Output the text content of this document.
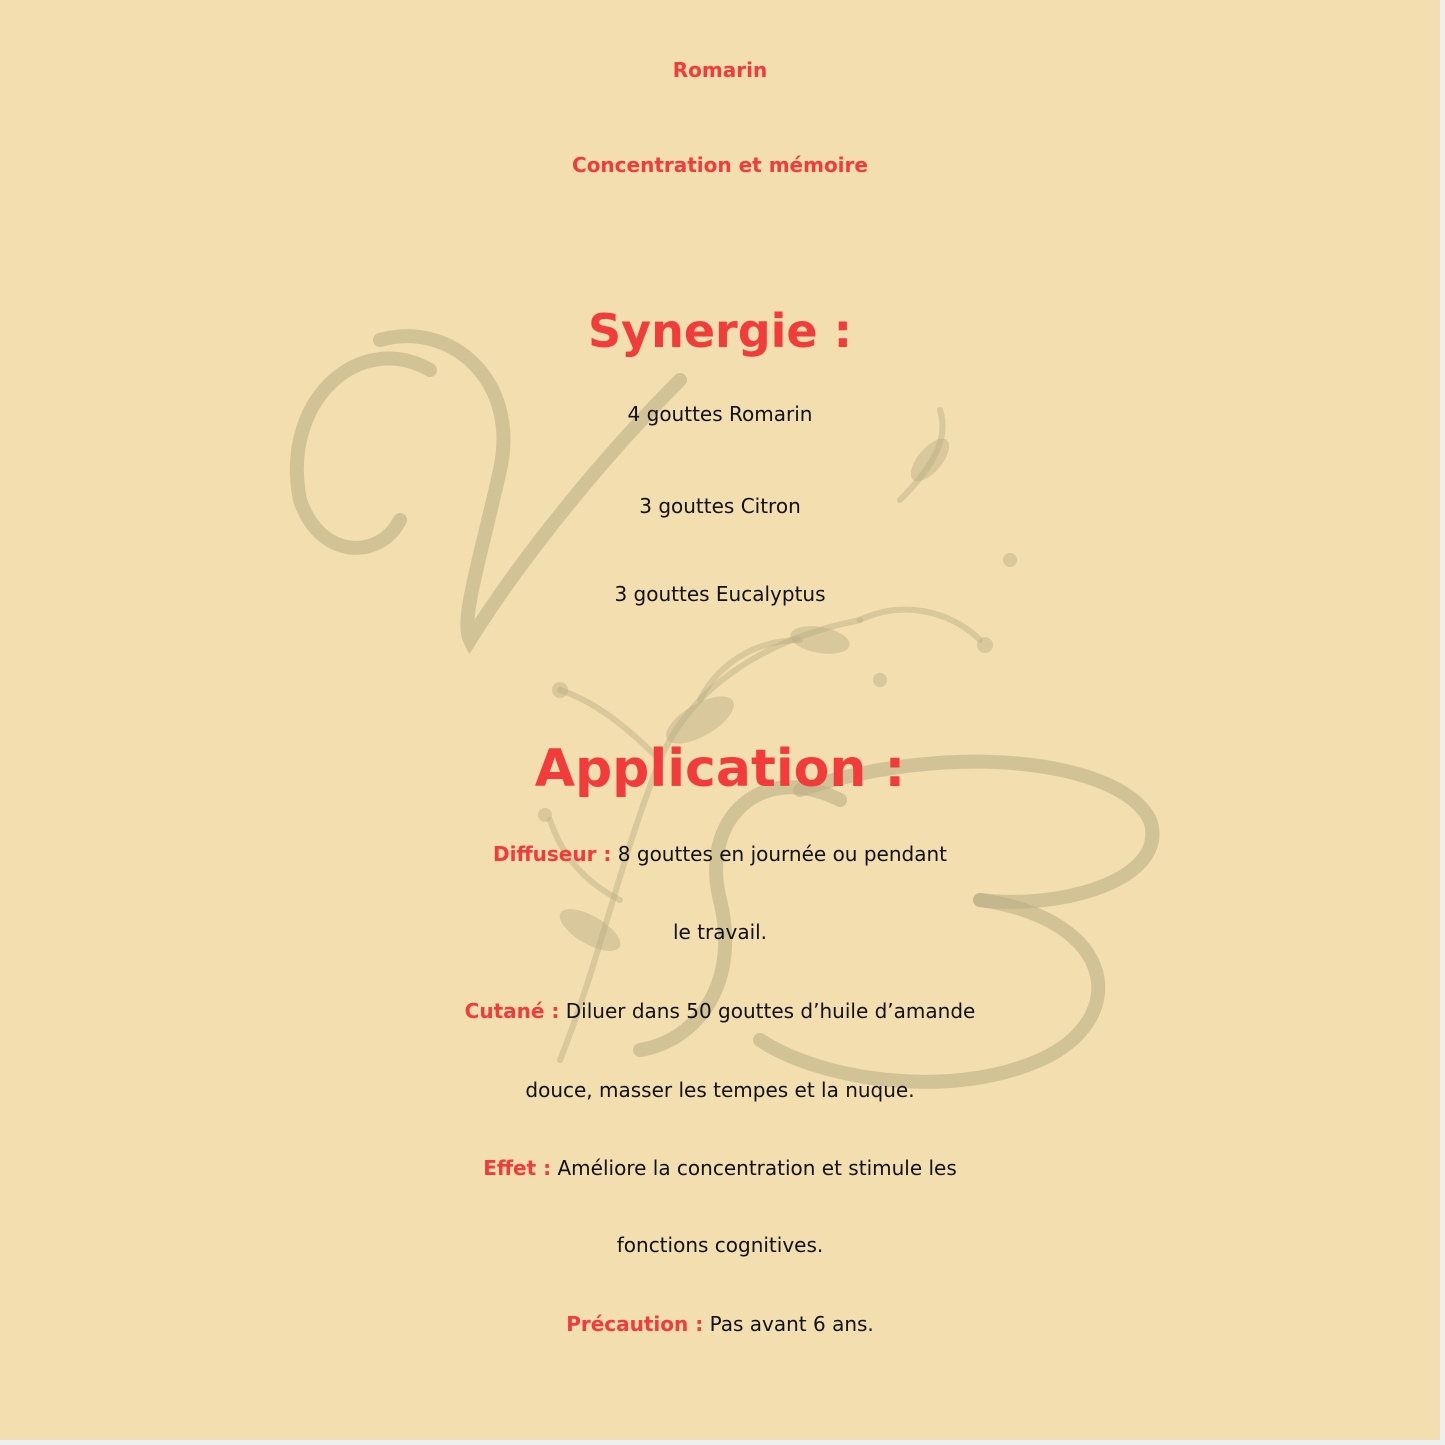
Romarin
Concentration et mémoire
Synergie :
4 gouttes Romarin
3 gouttes Citron
3 gouttes Eucalyptus
Application :
Diffuseur : 8 gouttes en journée ou pendant
le travail.
Cutané : Diluer dans 50 gouttes d’huile d’amande
douce, masser les tempes et la nuque.
Effet : Améliore la concentration et stimule les
fonctions cognitives.
Précaution : Pas avant 6 ans.
